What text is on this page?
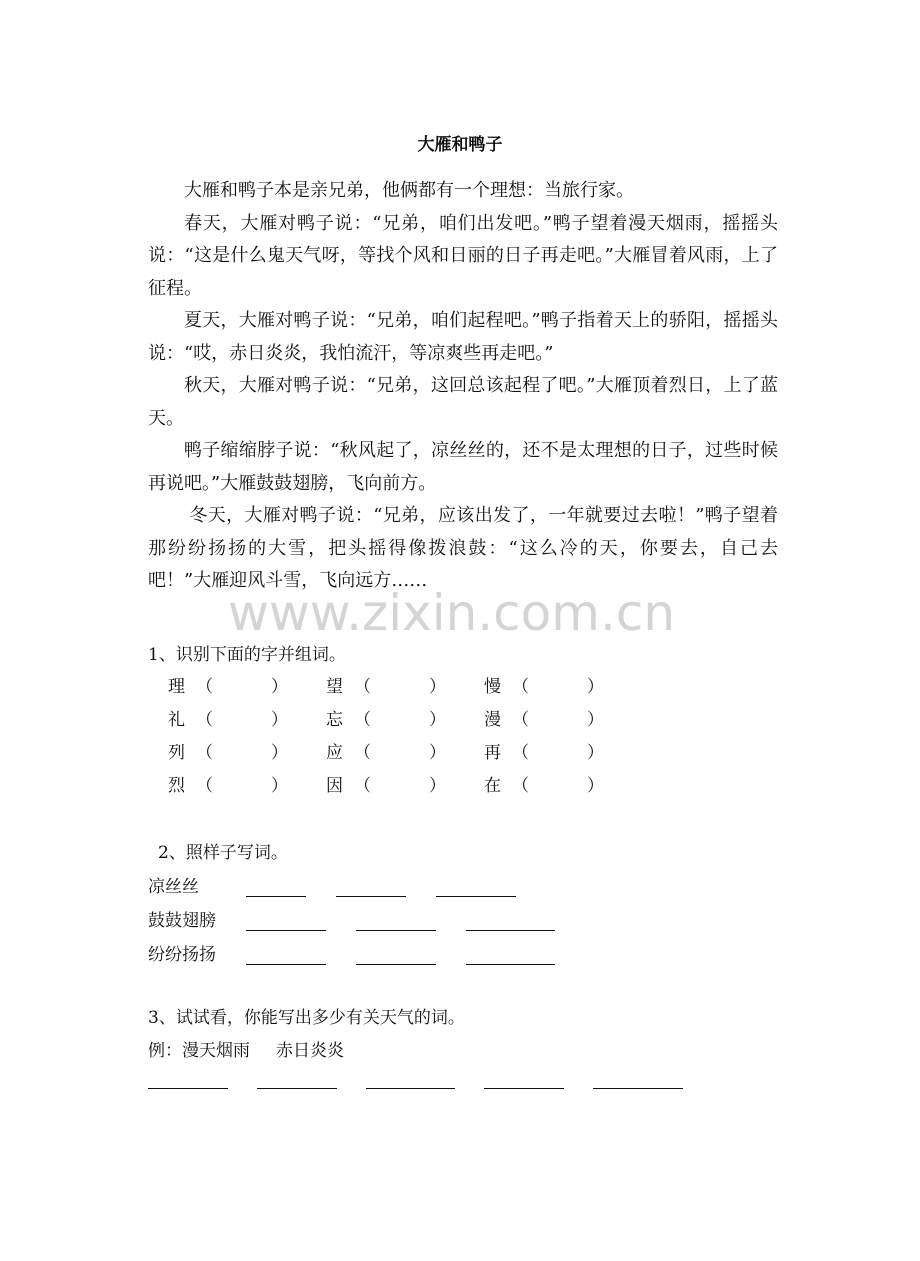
大雁和鸭子

大雁和鸭子本是亲兄弟，他俩都有一个理想：当旅行家。

春天，大雁对鸭子说：“兄弟，咱们出发吧。”鸭子望着漫天烟雨，摇摇头说：“这是什么鬼天气呀，等找个风和日丽的日子再走吧。”大雁冒着风雨，上了征程。

夏天，大雁对鸭子说：“兄弟，咱们起程吧。”鸭子指着天上的骄阳，摇摇头说：“哎，赤日炎炎，我怕流汗，等凉爽些再走吧。”

秋天，大雁对鸭子说：“兄弟，这回总该起程了吧。”大雁顶着烈日，上了蓝天。

鸭子缩缩脖子说：“秋风起了，凉丝丝的，还不是太理想的日子，过些时候再说吧。”大雁鼓鼓翅膀，飞向前方。

冬天，大雁对鸭子说：“兄弟，应该出发了，一年就要过去啦！”鸭子望着那纷纷扬扬的大雪，把头摇得像拨浪鼓：“这么冷的天，你要去，自己去吧！”大雁迎风斗雪，飞向远方……

www.zixin.com.cn
1、识别下面的字并组词。
理 （	） 望 （	） 慢 （	）
礼 （	） 忘 （	） 漫 （	）
列 （	） 应 （	） 再 （	）
烈 （	） 因 （	） 在 （	）
2、照样子写词。
凉丝丝
鼓鼓翅膀
纷纷扬扬
3、试试看，你能写出多少有关天气的词。
例：漫天烟雨 赤日炎炎
